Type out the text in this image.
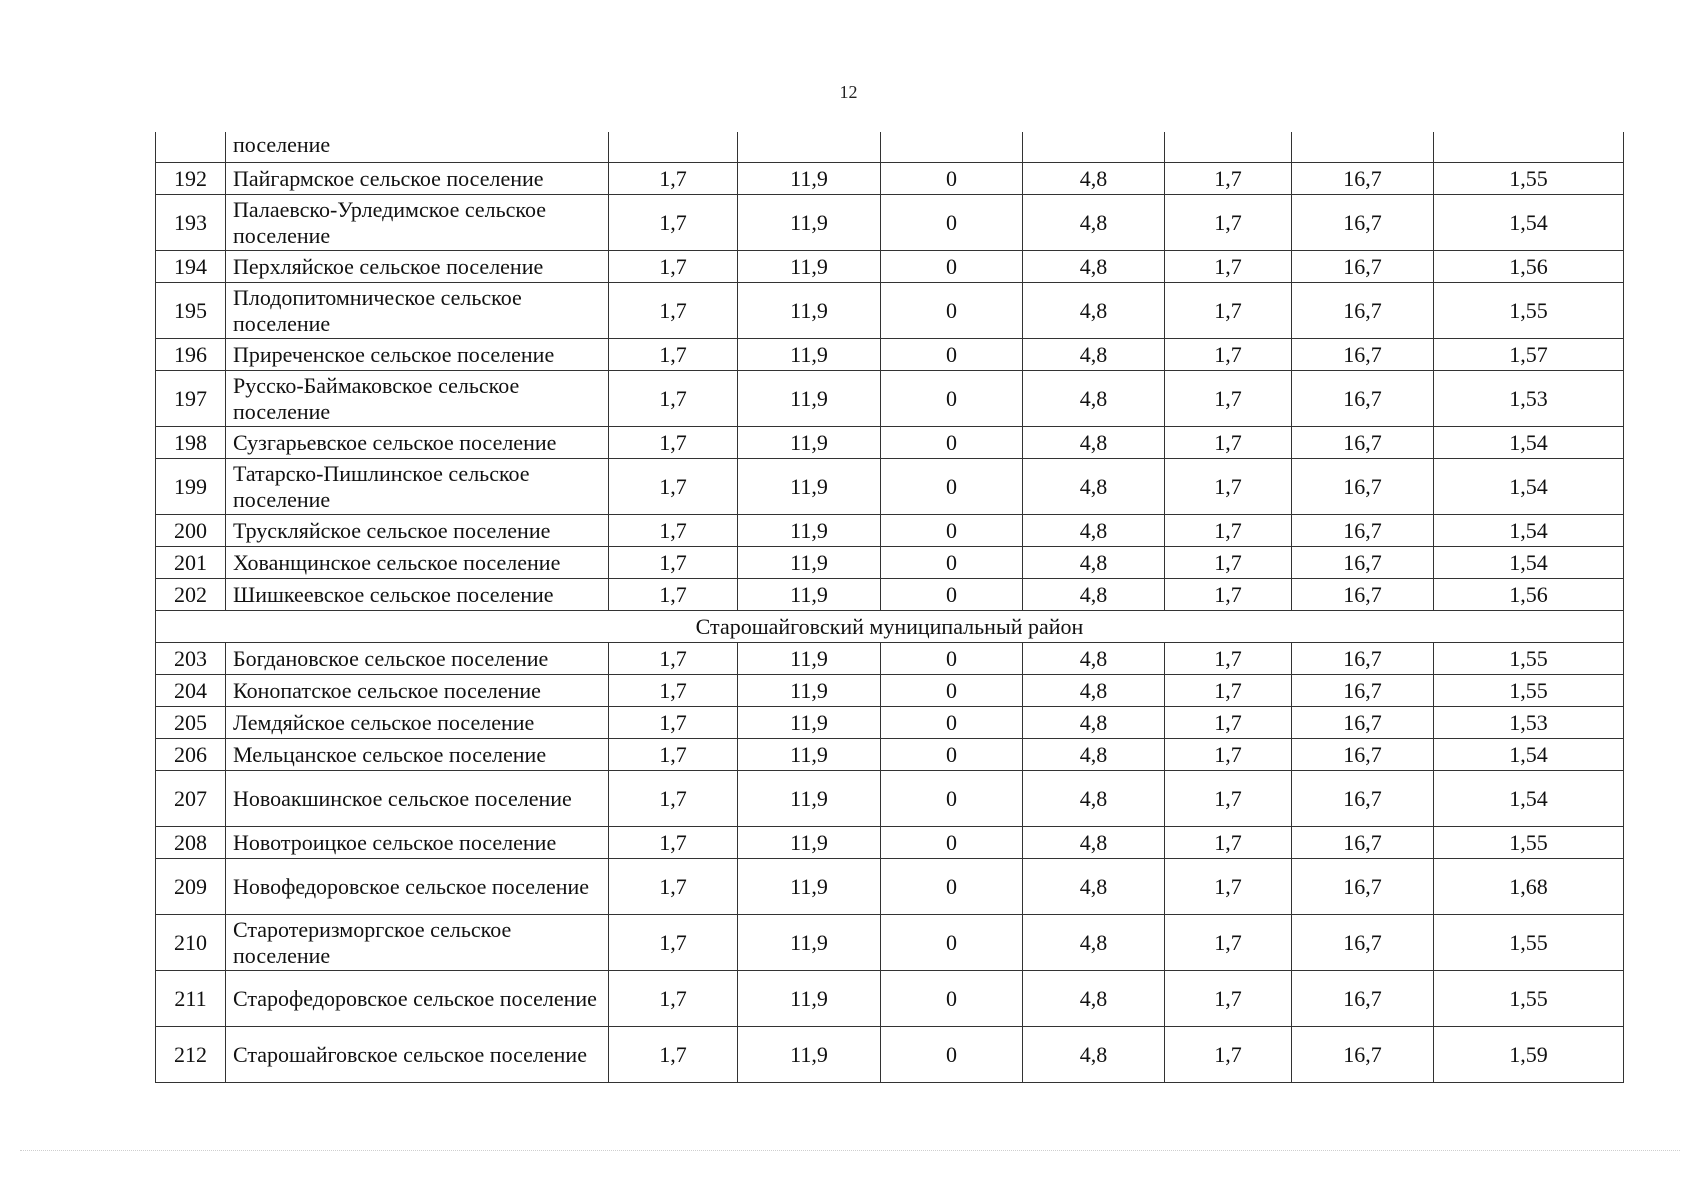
12
	поселение							
192	Пайгармское сельское поселение	1,7	11,9	0	4,8	1,7	16,7	1,55
193	Палаевско-Урледимское сельское поселение	1,7	11,9	0	4,8	1,7	16,7	1,54
194	Перхляйское сельское поселение	1,7	11,9	0	4,8	1,7	16,7	1,56
195	Плодопитомническое сельское поселение	1,7	11,9	0	4,8	1,7	16,7	1,55
196	Приреченское сельское поселение	1,7	11,9	0	4,8	1,7	16,7	1,57
197	Русско-Баймаковское сельское поселение	1,7	11,9	0	4,8	1,7	16,7	1,53
198	Сузгарьевское сельское поселение	1,7	11,9	0	4,8	1,7	16,7	1,54
199	Татарско-Пишлинское сельское поселение	1,7	11,9	0	4,8	1,7	16,7	1,54
200	Трускляйское сельское поселение	1,7	11,9	0	4,8	1,7	16,7	1,54
201	Хованщинское сельское поселение	1,7	11,9	0	4,8	1,7	16,7	1,54
202	Шишкеевское сельское поселение	1,7	11,9	0	4,8	1,7	16,7	1,56
Старошайговский муниципальный район								
203	Богдановское сельское поселение	1,7	11,9	0	4,8	1,7	16,7	1,55
204	Конопатское сельское поселение	1,7	11,9	0	4,8	1,7	16,7	1,55
205	Лемдяйское сельское поселение	1,7	11,9	0	4,8	1,7	16,7	1,53
206	Мельцанское сельское поселение	1,7	11,9	0	4,8	1,7	16,7	1,54
207	Новоакшинское сельское поселение	1,7	11,9	0	4,8	1,7	16,7	1,54
208	Новотроицкое сельское поселение	1,7	11,9	0	4,8	1,7	16,7	1,55
209	Новофедоровское сельское поселение	1,7	11,9	0	4,8	1,7	16,7	1,68
210	Старотеризморгское сельское поселение	1,7	11,9	0	4,8	1,7	16,7	1,55
211	Старофедоровское сельское поселение	1,7	11,9	0	4,8	1,7	16,7	1,55
212	Старошайговское сельское поселение	1,7	11,9	0	4,8	1,7	16,7	1,59
